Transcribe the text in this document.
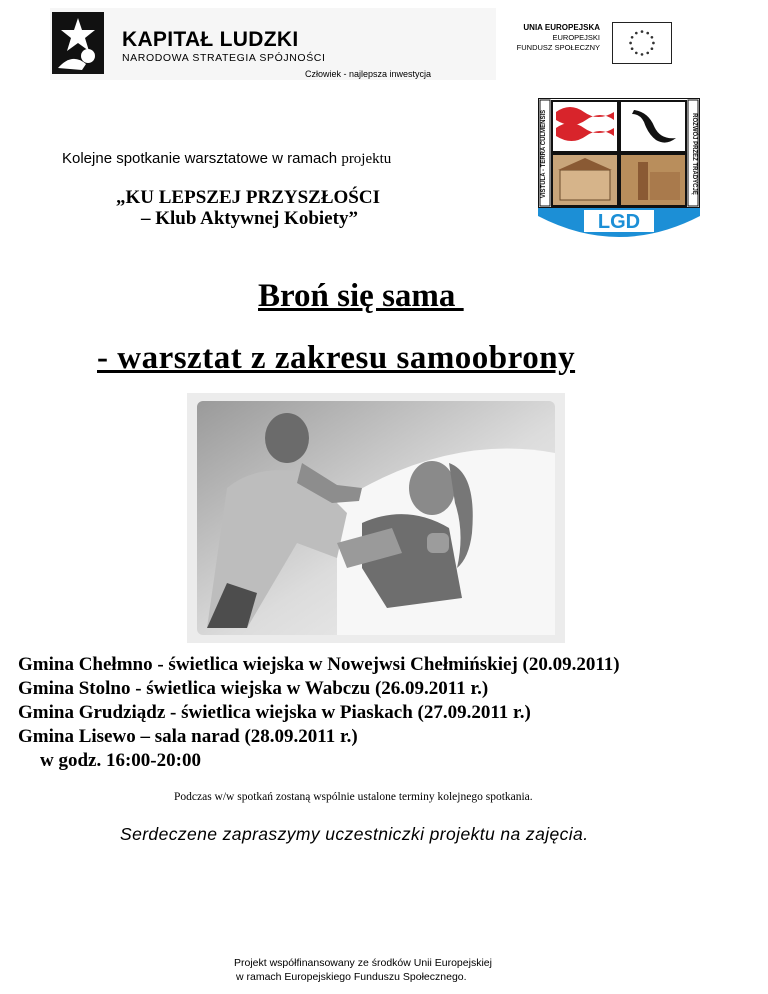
KAPITAŁ LUDZKI
NARODOWA STRATEGIA SPÓJNOŚCI
Człowiek - najlepsza inwestycja
UNIA EUROPEJSKA
EUROPEJSKI
FUNDUSZ SPOŁECZNY
LGD
VISTULA - TERRA CULMENSIS	ROZWÓJ PRZEZ TRADYCJĘ
Kolejne spotkanie warsztatowe w ramach projektu
„KU LEPSZEJ PRZYSZŁOŚCI
– Klub Aktywnej Kobiety”
Broń się sama
- warsztat z zakresu samoobrony
Gmina Chełmno - świetlica wiejska w Nowejwsi Chełmińskiej (20.09.2011)
Gmina Stolno - świetlica wiejska w Wabczu (26.09.2011 r.)
Gmina Grudziądz - świetlica wiejska w Piaskach (27.09.2011 r.)
Gmina Lisewo – sala narad (28.09.2011 r.)
w godz. 16:00-20:00
Podczas w/w spotkań zostaną wspólnie ustalone terminy kolejnego spotkania.
Serdeczene zapraszymy uczestniczki projektu na zajęcia.
Projekt współfinansowany ze środków Unii Europejskiej
w ramach Europejskiego Funduszu Społecznego.
